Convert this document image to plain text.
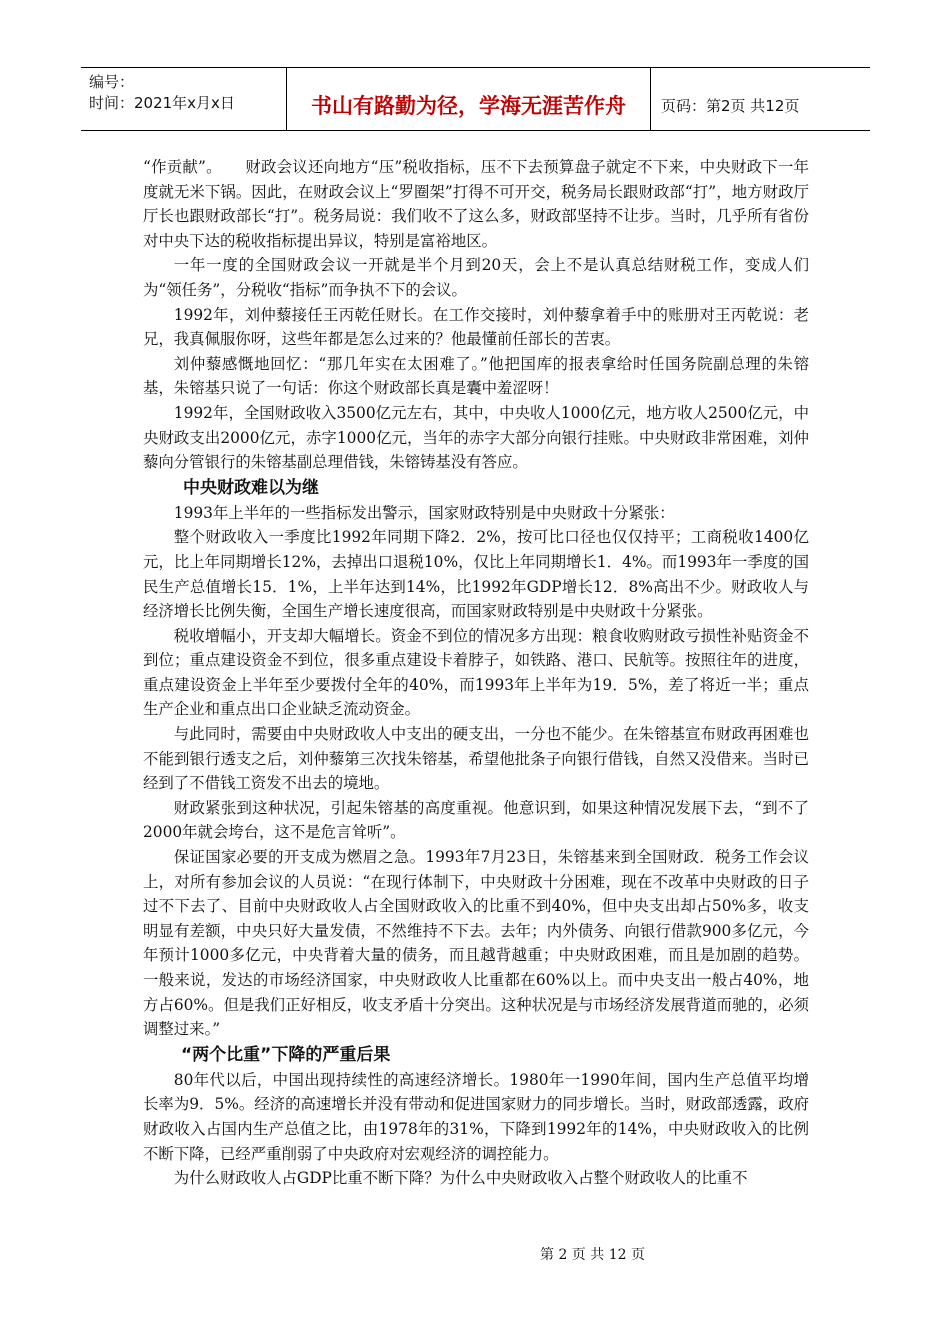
编号：
时间：2021年x月x日	书山有路勤为径，学海无涯苦作舟	页码：第2页 共12页

“作贡献”。　　财政会议还向地方“压”税收指标，压不下去预算盘子就定不下来，中央财政下一年度就无米下锅。因此，在财政会议上“罗圈架”打得不可开交，税务局长跟财政部“打”，地方财政厅厅长也跟财政部长“打”。税务局说：我们收不了这么多，财政部坚持不让步。当时，几乎所有省份对中央下达的税收指标提出异议，特别是富裕地区。

一年一度的全国财政会议一开就是半个月到20天，会上不是认真总结财税工作，变成人们为“领任务”，分税收“指标”而争执不下的会议。

1992年，刘仲藜接任王丙乾任财长。在工作交接时，刘仲藜拿着手中的账册对王丙乾说：老兄，我真佩服你呀，这些年都是怎么过来的？他最懂前任部长的苦衷。

刘仲藜感慨地回忆：“那几年实在太困难了。”他把国库的报表拿给时任国务院副总理的朱镕基，朱镕基只说了一句话：你这个财政部长真是囊中羞涩呀！

1992年，全国财政收入3500亿元左右，其中，中央收人1000亿元，地方收人2500亿元，中央财政支出2000亿元，赤字1000亿元，当年的赤字大部分向银行挂账。中央财政非常困难，刘仲藜向分管银行的朱镕基副总理借钱，朱镕铸基没有答应。

中央财政难以为继

1993年上半年的一些指标发出警示，国家财政特别是中央财政十分紧张：

整个财政收入一季度比1992年同期下降2．2%，按可比口径也仅仅持平；工商税收1400亿元，比上年同期增长12%，去掉出口退税10%，仅比上年同期增长1．4%。而1993年一季度的国民生产总值增长15．1%，上半年达到14%，比1992年GDP增长12．8%高出不少。财政收人与经济增长比例失衡，全国生产增长速度很高，而国家财政特别是中央财政十分紧张。

税收增幅小，开支却大幅增长。资金不到位的情况多方出现：粮食收购财政亏损性补贴资金不到位；重点建设资金不到位，很多重点建设卡着脖子，如铁路、港口、民航等。按照往年的进度，重点建设资金上半年至少要拨付全年的40%，而1993年上半年为19．5%，差了将近一半；重点生产企业和重点出口企业缺乏流动资金。

与此同时，需要由中央财政收人中支出的硬支出，一分也不能少。在朱镕基宣布财政再困难也不能到银行透支之后，刘仲藜第三次找朱镕基，希望他批条子向银行借钱，自然又没借来。当时已经到了不借钱工资发不出去的境地。

财政紧张到这种状况，引起朱镕基的高度重视。他意识到，如果这种情况发展下去，“到不了2000年就会垮台，这不是危言耸听”。

保证国家必要的开支成为燃眉之急。1993年7月23日，朱镕基来到全国财政．税务工作会议上，对所有参加会议的人员说：“在现行体制下，中央财政十分困难，现在不改革中央财政的日子过不下去了、目前中央财政收人占全国财政收入的比重不到40%，但中央支出却占50%多，收支明显有差额，中央只好大量发债，不然维持不下去。去年；内外债务、向银行借款900多亿元，今年预计1000多亿元，中央背着大量的债务，而且越背越重；中央财政困难，而且是加剧的趋势。一般来说，发达的市场经济国家，中央财政收人比重都在60%以上。而中央支出一般占40%，地方占60%。但是我们正好相反，收支矛盾十分突出。这种状况是与市场经济发展背道而驰的，必须调整过来。”

“两个比重”下降的严重后果

80年代以后，中国出现持续性的高速经济增长。1980年一1990年间，国内生产总值平均增长率为9．5%。经济的高速增长并没有带动和促进国家财力的同步增长。当时，财政部透露，政府财政收入占国内生产总值之比，由1978年的31%，下降到1992年的14%，中央财政收入的比例不断下降，已经严重削弱了中央政府对宏观经济的调控能力。

为什么财政收人占GDP比重不断下降？为什么中央财政收入占整个财政收人的比重不

第 2 页 共 12 页
